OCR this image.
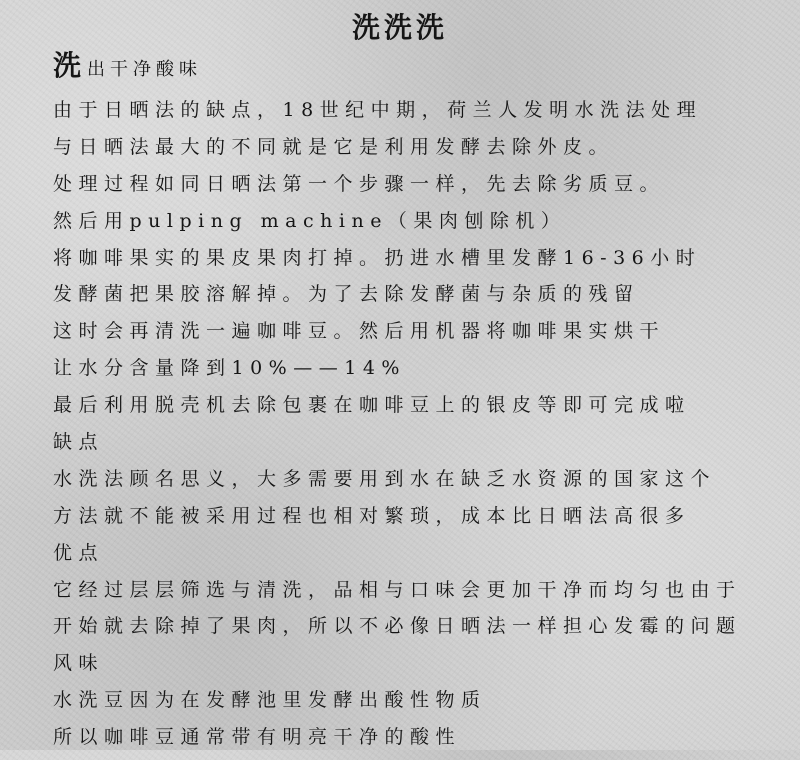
洗洗洗
洗出干净酸味
由于日晒法的缺点，18世纪中期，荷兰人发明水洗法处理
与日晒法最大的不同就是它是利用发酵去除外皮。
处理过程如同日晒法第一个步骤一样，先去除劣质豆。
然后用pulping machine（果肉刨除机）
将咖啡果实的果皮果肉打掉。扔进水槽里发酵16-36小时
发酵菌把果胶溶解掉。为了去除发酵菌与杂质的残留
这时会再清洗一遍咖啡豆。然后用机器将咖啡果实烘干
让水分含量降到10%——14%
最后利用脱壳机去除包裹在咖啡豆上的银皮等即可完成啦
缺点
水洗法顾名思义，大多需要用到水在缺乏水资源的国家这个
方法就不能被采用过程也相对繁琐，成本比日晒法高很多
优点
它经过层层筛选与清洗，品相与口味会更加干净而均匀也由于
开始就去除掉了果肉，所以不必像日晒法一样担心发霉的问题
风味
水洗豆因为在发酵池里发酵出酸性物质
所以咖啡豆通常带有明亮干净的酸性
